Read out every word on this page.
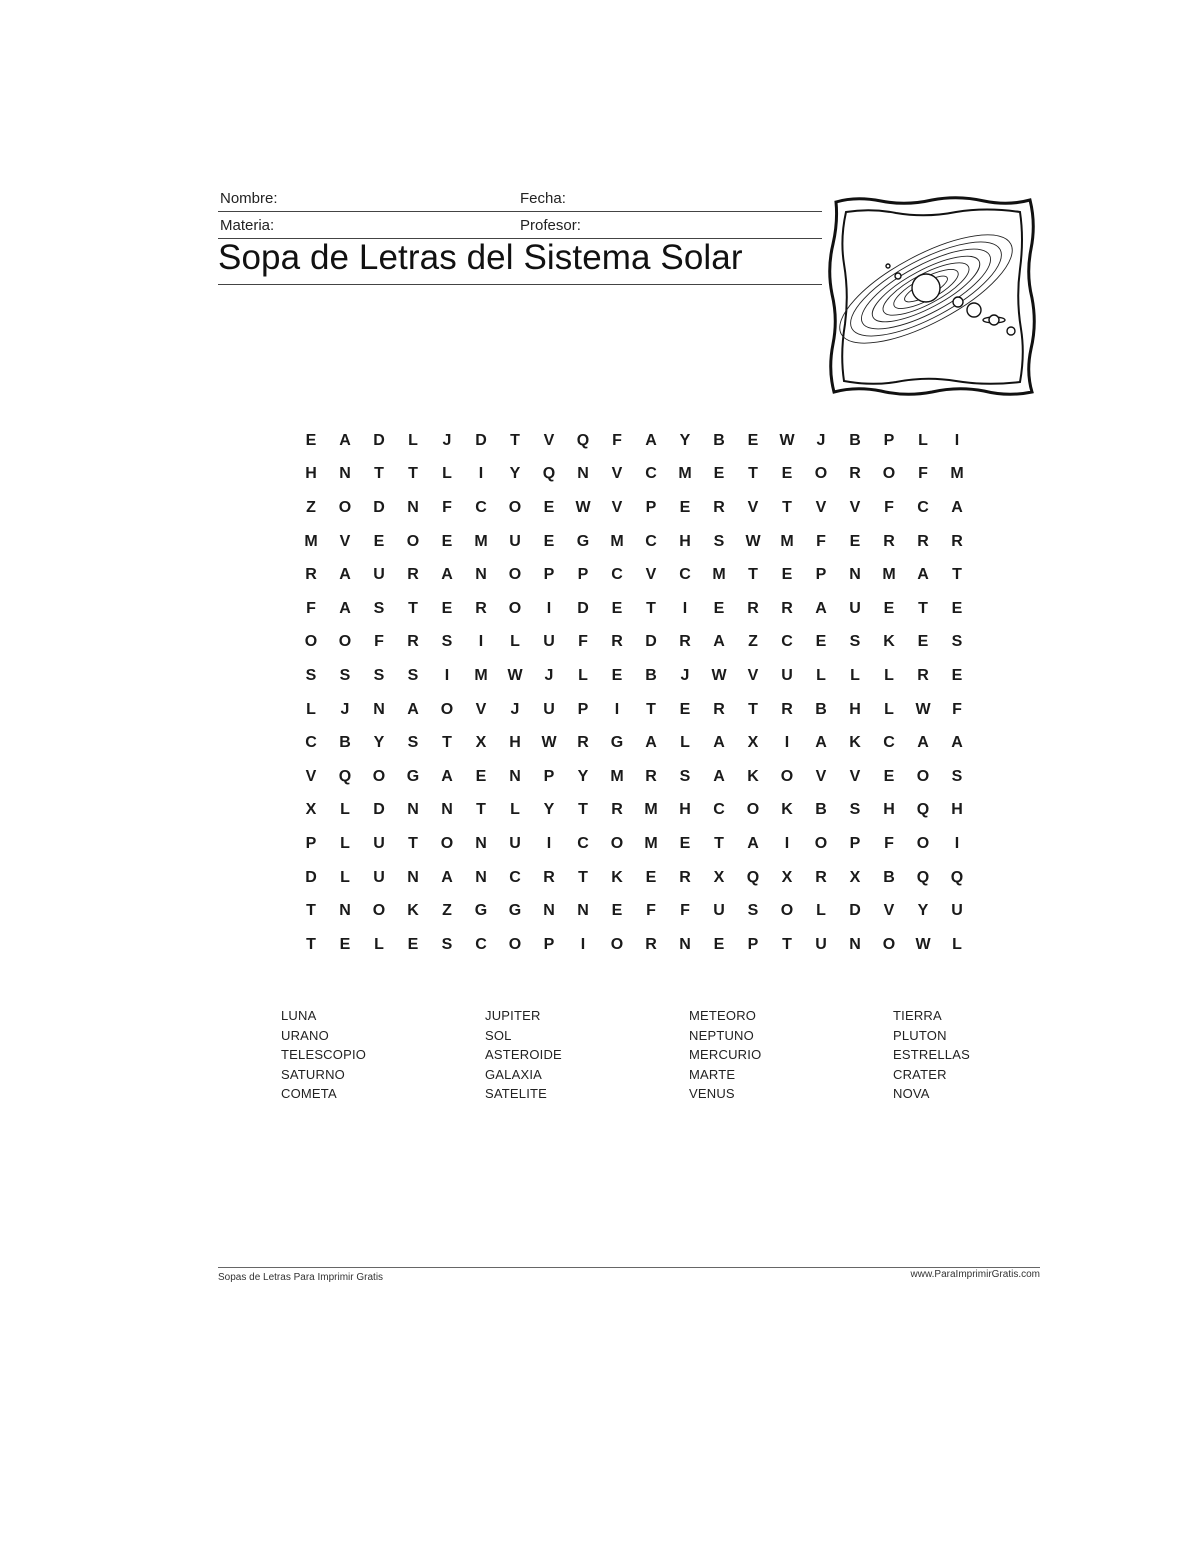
Nombre:	Fecha:
Materia:	Profesor:
Sopa de Letras del Sistema Solar
E	A	D	L	J	D	T	V	Q	F	A	Y	B	E	W	J	B	P	L	I
H	N	T	T	L	I	Y	Q	N	V	C	M	E	T	E	O	R	O	F	M
Z	O	D	N	F	C	O	E	W	V	P	E	R	V	T	V	V	F	C	A
M	V	E	O	E	M	U	E	G	M	C	H	S	W	M	F	E	R	R	R
R	A	U	R	A	N	O	P	P	C	V	C	M	T	E	P	N	M	A	T
F	A	S	T	E	R	O	I	D	E	T	I	E	R	R	A	U	E	T	E
O	O	F	R	S	I	L	U	F	R	D	R	A	Z	C	E	S	K	E	S
S	S	S	S	I	M	W	J	L	E	B	J	W	V	U	L	L	L	R	E
L	J	N	A	O	V	J	U	P	I	T	E	R	T	R	B	H	L	W	F
C	B	Y	S	T	X	H	W	R	G	A	L	A	X	I	A	K	C	A	A
V	Q	O	G	A	E	N	P	Y	M	R	S	A	K	O	V	V	E	O	S
X	L	D	N	N	T	L	Y	T	R	M	H	C	O	K	B	S	H	Q	H
P	L	U	T	O	N	U	I	C	O	M	E	T	A	I	O	P	F	O	I
D	L	U	N	A	N	C	R	T	K	E	R	X	Q	X	R	X	B	Q	Q
T	N	O	K	Z	G	G	N	N	E	F	F	U	S	O	L	D	V	Y	U
T	E	L	E	S	C	O	P	I	O	R	N	E	P	T	U	N	O	W	L
LUNA
URANO
TELESCOPIO
SATURNO
COMETA
JUPITER
SOL
ASTEROIDE
GALAXIA
SATELITE
METEORO
NEPTUNO
MERCURIO
MARTE
VENUS
TIERRA
PLUTON
ESTRELLAS
CRATER
NOVA
Sopas de Letras Para Imprimir Gratis	www.ParaImprimirGratis.com
